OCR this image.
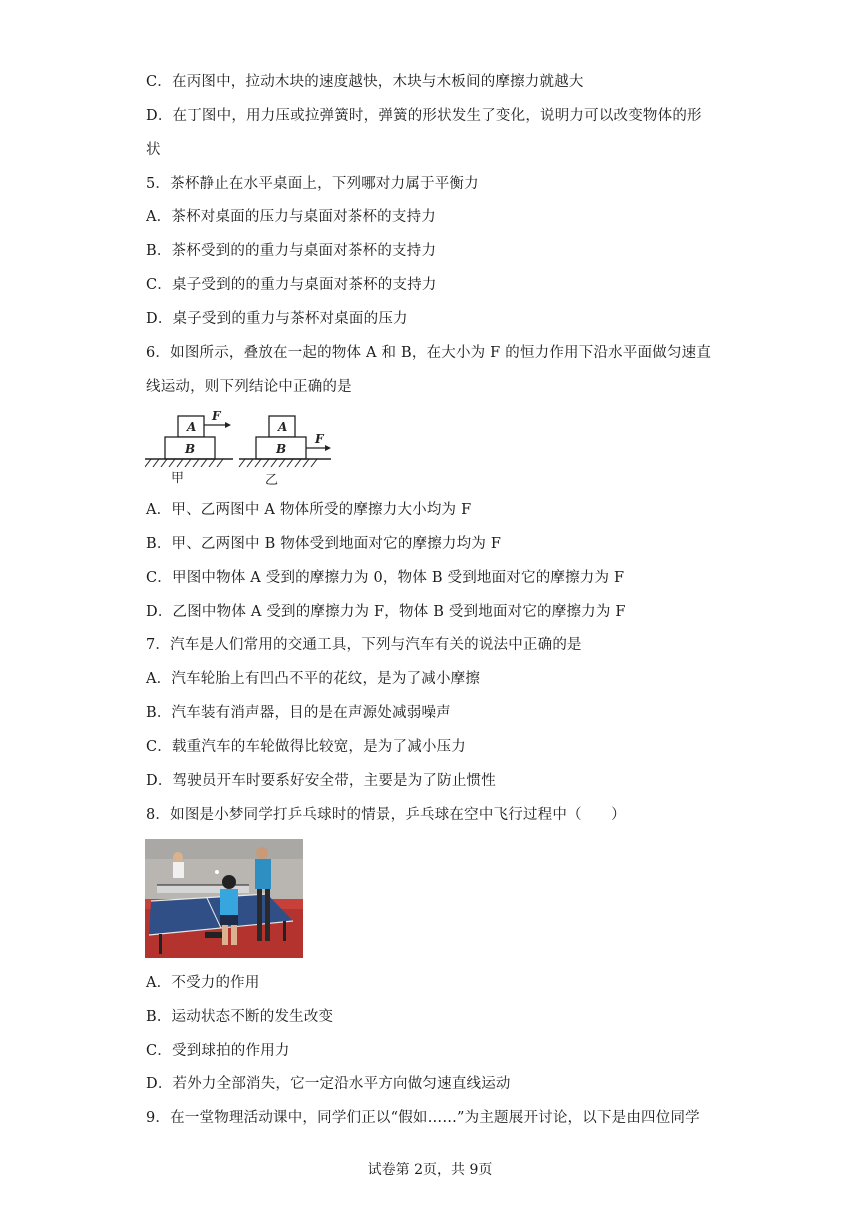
C．在丙图中，拉动木块的速度越快，木块与木板间的摩擦力就越大
D．在丁图中，用力压或拉弹簧时，弹簧的形状发生了变化，说明力可以改变物体的形
状
5．茶杯静止在水平桌面上，下列哪对力属于平衡力
A．茶杯对桌面的压力与桌面对茶杯的支持力
B．茶杯受到的的重力与桌面对茶杯的支持力
C．桌子受到的的重力与桌面对茶杯的支持力
D．桌子受到的重力与茶杯对桌面的压力
6．如图所示，叠放在一起的物体 A 和 B，在大小为 F 的恒力作用下沿水平面做匀速直
线运动，则下列结论中正确的是
A
B
F
A
B
F
甲	乙
A．甲、乙两图中 A 物体所受的摩擦力大小均为 F
B．甲、乙两图中 B 物体受到地面对它的摩擦力均为 F
C．甲图中物体 A 受到的摩擦力为 0，物体 B 受到地面对它的摩擦力为 F
D．乙图中物体 A 受到的摩擦力为 F，物体 B 受到地面对它的摩擦力为 F
7．汽车是人们常用的交通工具，下列与汽车有关的说法中正确的是
A．汽车轮胎上有凹凸不平的花纹，是为了减小摩擦
B．汽车装有消声器，目的是在声源处减弱噪声
C．载重汽车的车轮做得比较宽，是为了减小压力
D．驾驶员开车时要系好安全带，主要是为了防止惯性
8．如图是小梦同学打乒乓球时的情景，乒乓球在空中飞行过程中（　　）
A．不受力的作用
B．运动状态不断的发生改变
C．受到球拍的作用力
D．若外力全部消失，它一定沿水平方向做匀速直线运动
9．在一堂物理活动课中，同学们正以“假如……”为主题展开讨论，以下是由四位同学
试卷第 2页，共 9页
